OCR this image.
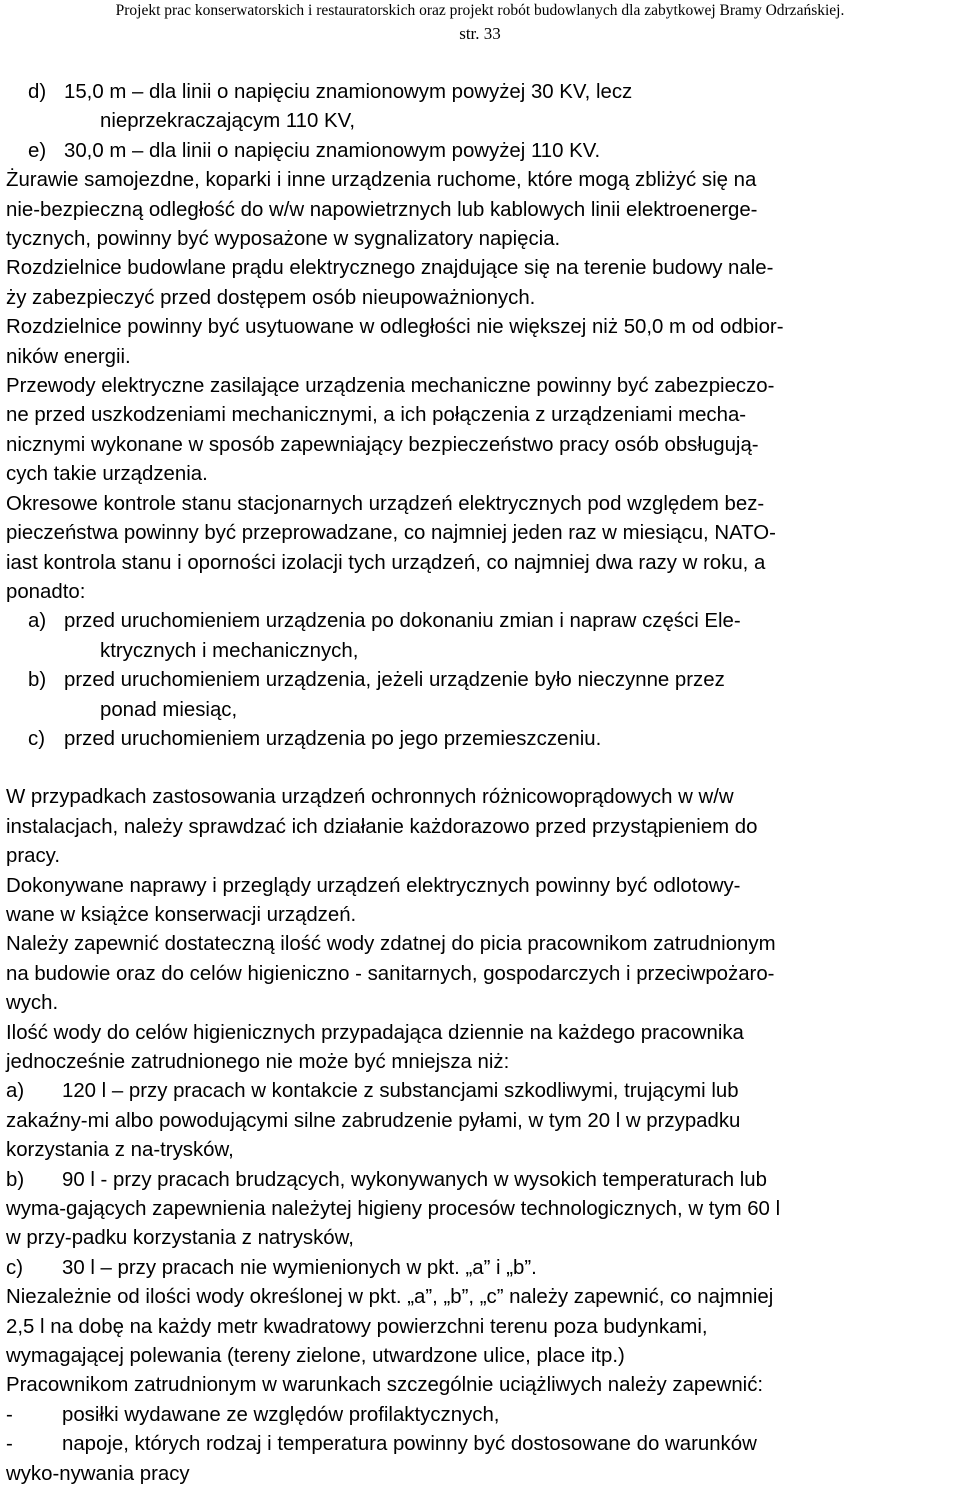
Projekt prac konserwatorskich i restauratorskich oraz projekt robót budowlanych dla zabytkowej Bramy Odrzańskiej.
str. 33

d) 15,0 m – dla linii o napięciu znamionowym powyżej 30 KV, lecz

nieprzekraczającym 110 KV,

e) 30,0 m – dla linii o napięciu znamionowym powyżej 110 KV.

Żurawie samojezdne, koparki i inne urządzenia ruchome, które mogą zbliżyć się na

nie-bezpieczną odległość do w/w napowietrznych lub kablowych linii elektroenerge-

tycznych, powinny być wyposażone w sygnalizatory napięcia.

Rozdzielnice budowlane prądu elektrycznego znajdujące się na terenie budowy nale-

ży zabezpieczyć przed dostępem osób nieupoważnionych.

Rozdzielnice powinny być usytuowane w odległości nie większej niż 50,0 m od odbior-

ników energii.

Przewody elektryczne zasilające urządzenia mechaniczne powinny być zabezpieczo-

ne przed uszkodzeniami mechanicznymi, a ich połączenia z urządzeniami mecha-

nicznymi wykonane w sposób zapewniający bezpieczeństwo pracy osób obsługują-

cych takie urządzenia.

Okresowe kontrole stanu stacjonarnych urządzeń elektrycznych pod względem bez-

pieczeństwa powinny być przeprowadzane, co najmniej jeden raz w miesiącu, NATO-

iast kontrola stanu i oporności izolacji tych urządzeń, co najmniej dwa razy w roku, a

ponadto:

a) przed uruchomieniem urządzenia po dokonaniu zmian i napraw części Ele-

ktrycznych i mechanicznych,

b) przed uruchomieniem urządzenia, jeżeli urządzenie było nieczynne przez

ponad miesiąc,

c) przed uruchomieniem urządzenia po jego przemieszczeniu.

W przypadkach zastosowania urządzeń ochronnych różnicowoprądowych w w/w

instalacjach, należy sprawdzać ich działanie każdorazowo przed przystąpieniem do

pracy.

Dokonywane naprawy i przeglądy urządzeń elektrycznych powinny być odlotowy-

wane w książce konserwacji urządzeń.

Należy zapewnić dostateczną ilość wody zdatnej do picia pracownikom zatrudnionym

na budowie oraz do celów higieniczno - sanitarnych, gospodarczych i przeciwpożaro-

wych.

Ilość wody do celów higienicznych przypadająca dziennie na każdego pracownika

jednocześnie zatrudnionego nie może być mniejsza niż:

a) 120 l – przy pracach w kontakcie z substancjami szkodliwymi, trującymi lub

zakaźny-mi albo powodującymi silne zabrudzenie pyłami, w tym 20 l w przypadku

korzystania z na-trysków,

b) 90 l - przy pracach brudzących, wykonywanych w wysokich temperaturach lub

wyma-gających zapewnienia należytej higieny procesów technologicznych, w tym 60 l

w przy-padku korzystania z natrysków,

c) 30 l – przy pracach nie wymienionych w pkt. „a” i „b”.

Niezależnie od ilości wody określonej w pkt. „a”, „b”, „c” należy zapewnić, co najmniej

2,5 l na dobę na każdy metr kwadratowy powierzchni terenu poza budynkami,

wymagającej polewania (tereny zielone, utwardzone ulice, place itp.)

Pracownikom zatrudnionym w warunkach szczególnie uciążliwych należy zapewnić:

- posiłki wydawane ze względów profilaktycznych,

- napoje, których rodzaj i temperatura powinny być dostosowane do warunków

wyko-nywania pracy
